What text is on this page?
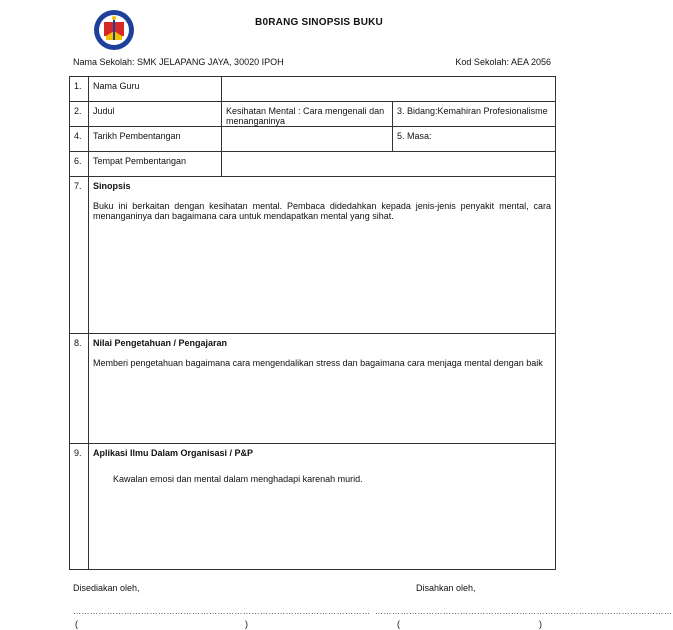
B0RANG SINOPSIS BUKU
Nama Sekolah: SMK JELAPANG JAYA, 30020 IPOH	Kod Sekolah: AEA 2056
1.	Nama Guru		
2.	Judul	Kesihatan Mental : Cara mengenali dan menanganinya	3. Bidang:Kemahiran Profesionalisme
4.	Tarikh Pembentangan		5. Masa:
6.	Tempat Pembentangan		
7.	Sinopsis
Buku ini berkaitan dengan kesihatan mental. Pembaca didedahkan kepada jenis-jenis penyakit mental, cara menanganinya dan bagaimana cara untuk mendapatkan mental yang sihat.		

8.	Nilai Pengetahuan / Pengajaran
Memberi pengetahuan bagaimana cara mengendalikan stress dan bagaimana cara menjaga mental dengan baik		

9.	Aplikasi Ilmu Dalam Organisasi / P&P
Kawalan emosi dan mental dalam menghadapi karenah murid.		
Disediakan oleh,	Disahkan oleh,
…………………………………………………………………………………………… ……………………………………………………………………………………………
(	)	(	)
